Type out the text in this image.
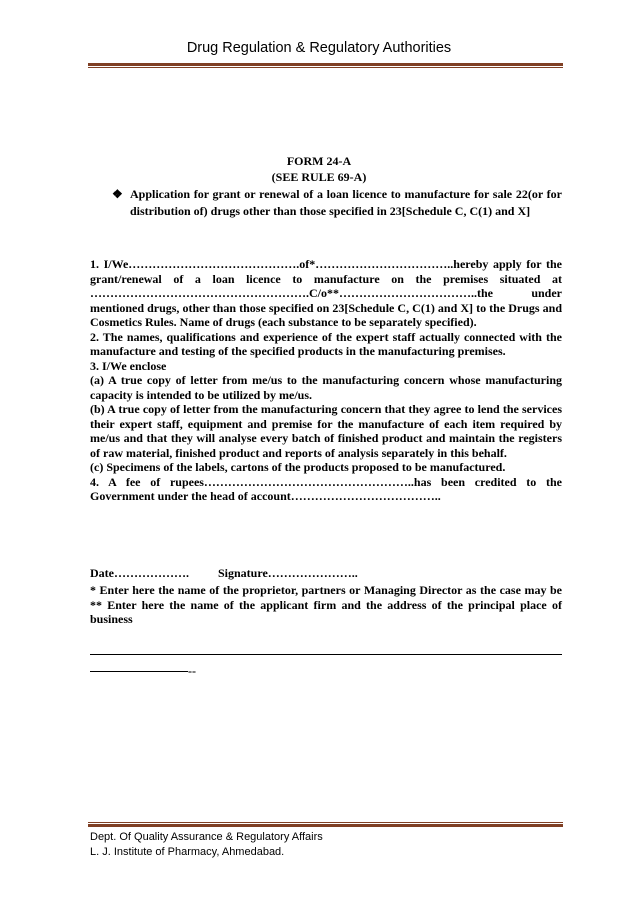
Drug Regulation & Regulatory Authorities
FORM 24-A
(SEE RULE 69-A)
❖ Application for grant or renewal of a loan licence to manufacture for sale 22(or for distribution of) drugs other than those specified in 23[Schedule C, C(1) and X]

1. I/We…………………………………….of*……………………………..hereby apply for the grant/renewal of a loan licence to manufacture on the premises situated at ……………………………………………….C/o**……………………………..the under mentioned drugs, other than those specified on 23[Schedule C, C(1) and X] to the Drugs and Cosmetics Rules. Name of drugs (each substance to be separately specified).

2. The names, qualifications and experience of the expert staff actually connected with the manufacture and testing of the specified products in the manufacturing premises.

3. I/We enclose

(a) A true copy of letter from me/us to the manufacturing concern whose manufacturing capacity is intended to be utilized by me/us.

(b) A true copy of letter from the manufacturing concern that they agree to lend the services their expert staff, equipment and premise for the manufacture of each item required by me/us and that they will analyse every batch of finished product and maintain the registers of raw material, finished product and reports of analysis separately in this behalf.

(c) Specimens of the labels, cartons of the products proposed to be manufactured.

4. A fee of rupees……………………………………………..has been credited to the Government under the head of account………………………………..

Date………………. Signature…………………..

* Enter here the name of the proprietor, partners or Managing Director as the case may be ** Enter here the name of the applicant firm and the address of the principal place of business

--
Dept. Of Quality Assurance & Regulatory Affairs
L. J. Institute of Pharmacy, Ahmedabad.
